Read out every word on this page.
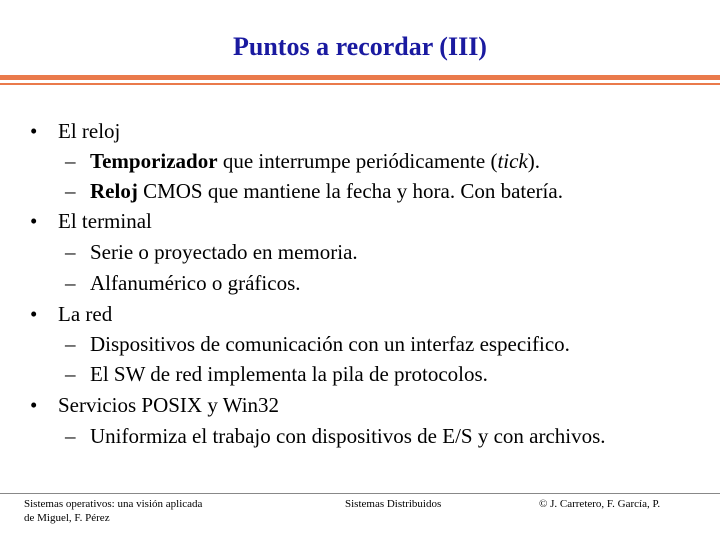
Puntos a recordar (III)
• El reloj
– Temporizador que interrumpe periódicamente (tick).
– Reloj CMOS que mantiene la fecha y hora. Con batería.
• El terminal
– Serie o proyectado en memoria.
– Alfanumérico o gráficos.
• La red
– Dispositivos de comunicación con un interfaz especifico.
– El SW de red implementa la pila de protocolos.
• Servicios POSIX y Win32
– Uniformiza el trabajo con dispositivos de E/S y con archivos.
Sistemas operativos: una visión aplicada
de Miguel, F. Pérez
Sistemas Distribuidos	© J. Carretero, F. García, P.
